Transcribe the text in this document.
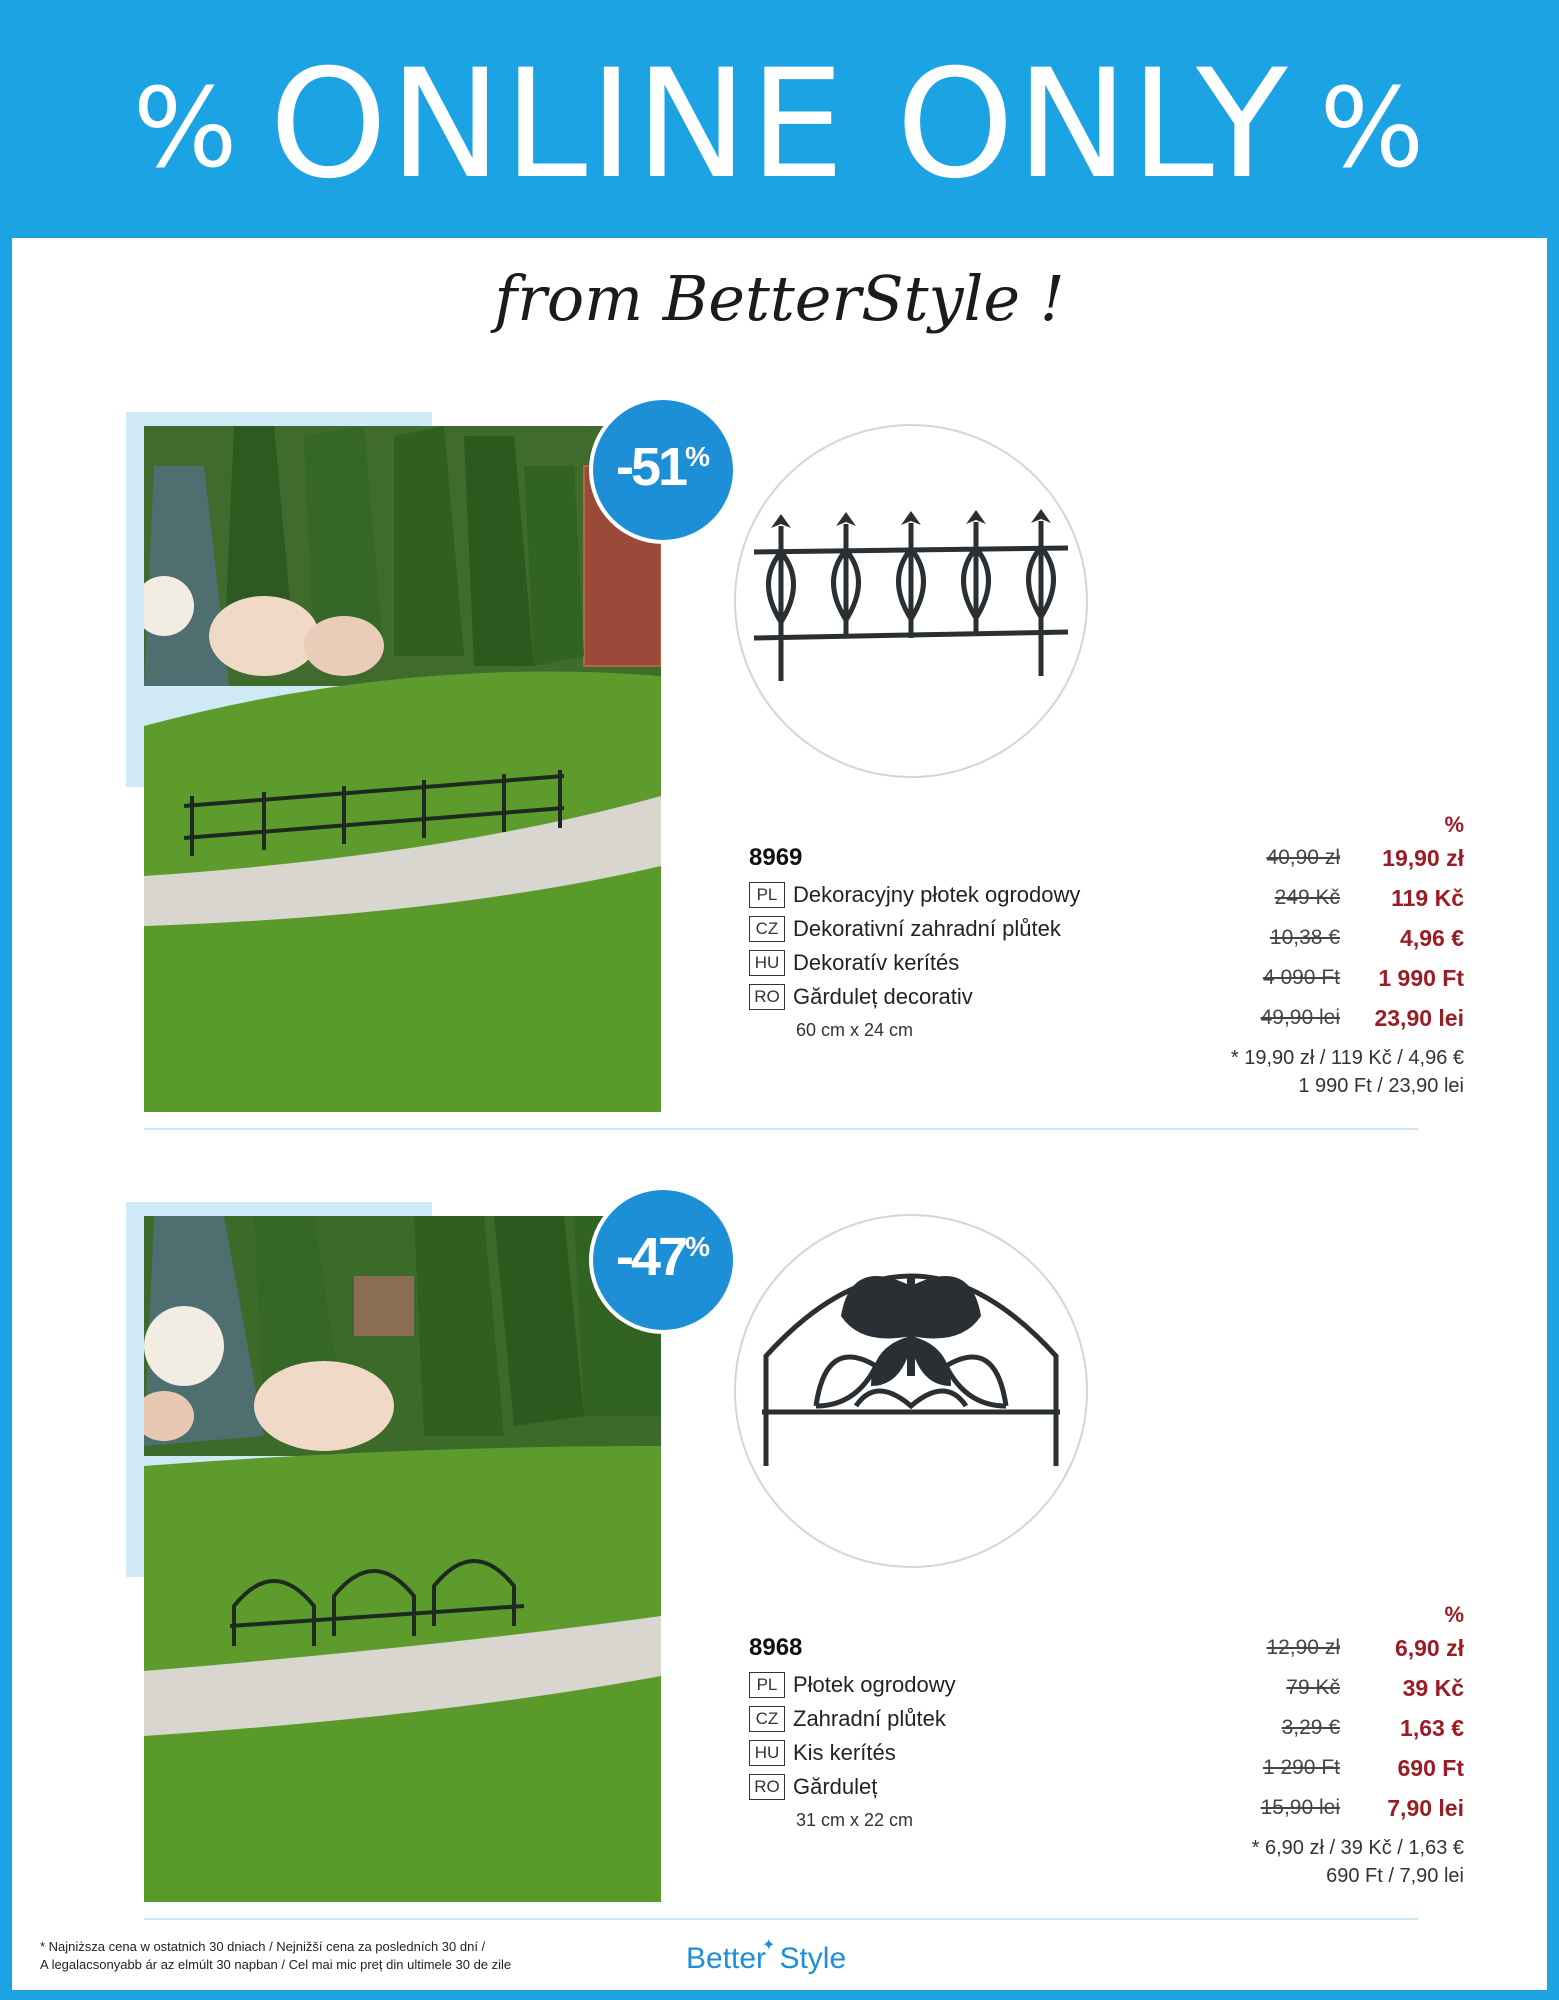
% ONLINE ONLY %
from BetterStyle !
-51%
8969
PL Dekoracyjny płotek ogrodowy
CZ Dekorativní zahradní plůtek
HU Dekoratív kerítés
RO Gărduleț decorativ
60 cm x 24 cm
%
40,90 zł	19,90 zł
249 Kč	119 Kč
10,38 €	4,96 €
4 090 Ft	1 990 Ft
49,90 lei	23,90 lei
* 19,90 zł / 119 Kč / 4,96 €
1 990 Ft / 23,90 lei
-47%
8968
PL Płotek ogrodowy
CZ Zahradní plůtek
HU Kis kerítés
RO Gărduleț
31 cm x 22 cm
%
12,90 zł	6,90 zł
79 Kč	39 Kč
3,29 €	1,63 €
1 290 Ft	690 Ft
15,90 lei	7,90 lei
* 6,90 zł / 39 Kč / 1,63 €
690 Ft / 7,90 lei
* Najniższa cena w ostatnich 30 dniach / Nejnižší cena za posledních 30 dní /
A legalacsonyabb ár az elmúlt 30 napban / Cel mai mic preț din ultimele 30 de zile	Better✦ Style
